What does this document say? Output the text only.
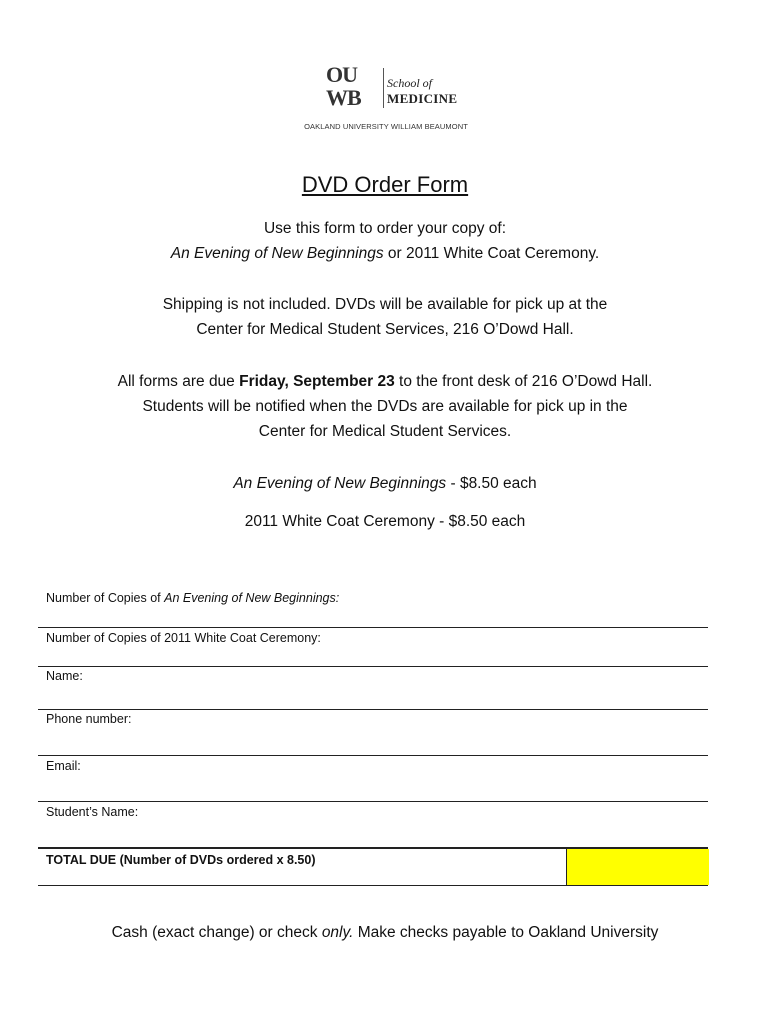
OU
WB
School of
MEDICINE
OAKLAND UNIVERSITY WILLIAM BEAUMONT
DVD Order Form
Use this form to order your copy of:
An Evening of New Beginnings or 2011 White Coat Ceremony.
Shipping is not included. DVDs will be available for pick up at the
Center for Medical Student Services, 216 O’Dowd Hall.
All forms are due Friday, September 23 to the front desk of 216 O’Dowd Hall.
Students will be notified when the DVDs are available for pick up in the
Center for Medical Student Services.
An Evening of New Beginnings - $8.50 each
2011 White Coat Ceremony - $8.50 each
Number of Copies of An Evening of New Beginnings:
Number of Copies of 2011 White Coat Ceremony:
Name:
Phone number:
Email:
Student’s Name:
TOTAL DUE (Number of DVDs ordered x 8.50)
Cash (exact change) or check only. Make checks payable to Oakland University
